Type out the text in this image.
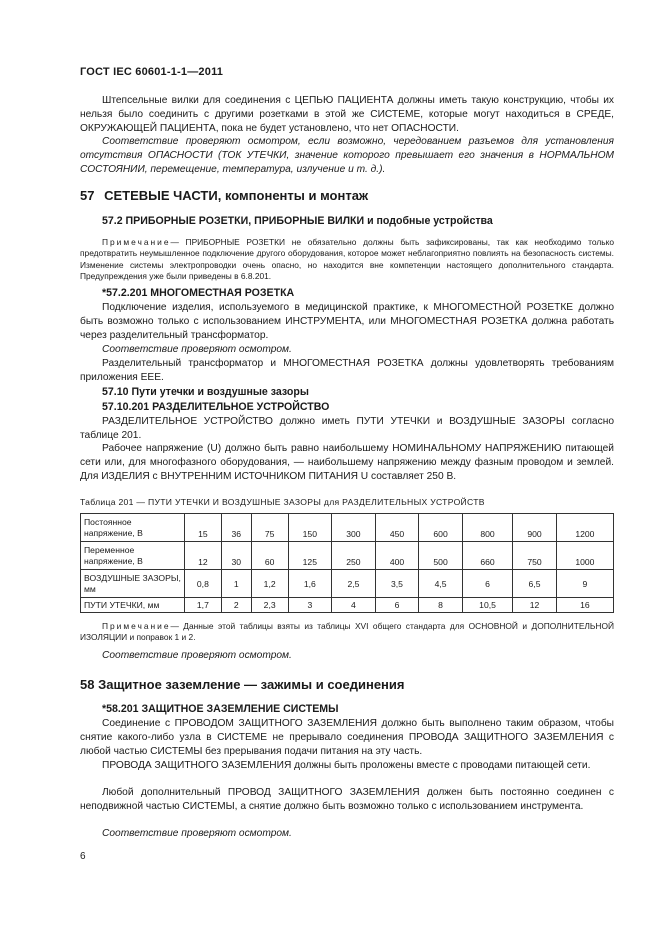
ГОСТ IEC 60601-1-1—2011

Штепсельные вилки для соединения с ЦЕПЬЮ ПАЦИЕНТА должны иметь такую конструкцию, чтобы их нельзя было соединить с другими розетками в этой же СИСТЕМЕ, которые могут находиться в СРЕДЕ, ОКРУЖАЮЩЕЙ ПАЦИЕНТА, пока не будет установлено, что нет ОПАСНОСТИ.

Соответствие проверяют осмотром, если возможно, чередованием разъемов для установления отсутствия ОПАСНОСТИ (ТОК УТЕЧКИ, значение которого превышает его значения в НОРМАЛЬНОМ СОСТОЯНИИ, перемещение, температура, излучение и т. д.).

57 СЕТЕВЫЕ ЧАСТИ, компоненты и монтаж
57.2 ПРИБОРНЫЕ РОЗЕТКИ, ПРИБОРНЫЕ ВИЛКИ и подобные устройства

Примечание— ПРИБОРНЫЕ РОЗЕТКИ не обязательно должны быть зафиксированы, так как необходимо только предотвратить неумышленное подключение другого оборудования, которое может неблагоприятно повлиять на безопасность системы. Изменение системы электропроводки очень опасно, но находится вне компетенции настоящего дополнительного стандарта. Предупреждения уже были приведены в 6.8.201.

*57.2.201 МНОГОМЕСТНАЯ РОЗЕТКА

Подключение изделия, используемого в медицинской практике, к МНОГОМЕСТНОЙ РОЗЕТКЕ должно быть возможно только с использованием ИНСТРУМЕНТА, или МНОГОМЕСТНАЯ РОЗЕТКА должна работать через разделительный трансформатор.

Соответствие проверяют осмотром.

Разделительный трансформатор и МНОГОМЕСТНАЯ РОЗЕТКА должны удовлетворять требованиям приложения ЕЕЕ.

57.10 Пути утечки и воздушные зазоры
57.10.201 РАЗДЕЛИТЕЛЬНОЕ УСТРОЙСТВО

РАЗДЕЛИТЕЛЬНОЕ УСТРОЙСТВО должно иметь ПУТИ УТЕЧКИ и ВОЗДУШНЫЕ ЗАЗОРЫ согласно таблице 201.

Рабочее напряжение (U) должно быть равно наибольшему НОМИНАЛЬНОМУ НАПРЯЖЕНИЮ питающей сети или, для многофазного оборудования, — наибольшему напряжению между фазным проводом и землей. Для ИЗДЕЛИЯ с ВНУТРЕННИМ ИСТОЧНИКОМ ПИТАНИЯ U составляет 250 В.

Таблица 201 — ПУТИ УТЕЧКИ И ВОЗДУШНЫЕ ЗАЗОРЫ для РАЗДЕЛИТЕЛЬНЫХ УСТРОЙСТВ
Постоянное напряжение, В	15	36	75	150	300	450	600	800	900	1200
Переменное напряжение, В	12	30	60	125	250	400	500	660	750	1000
ВОЗДУШНЫЕ ЗАЗОРЫ, мм	0,8	1	1,2	1,6	2,5	3,5	4,5	6	6,5	9
ПУТИ УТЕЧКИ, мм	1,7	2	2,3	3	4	6	8	10,5	12	16

Примечание— Данные этой таблицы взяты из таблицы XVI общего стандарта для ОСНОВНОЙ и ДОПОЛНИТЕЛЬНОЙ ИЗОЛЯЦИИ и поправок 1 и 2.

Соответствие проверяют осмотром.

58 Защитное заземление — зажимы и соединения
*58.201 ЗАЩИТНОЕ ЗАЗЕМЛЕНИЕ СИСТЕМЫ

Соединение с ПРОВОДОМ ЗАЩИТНОГО ЗАЗЕМЛЕНИЯ должно быть выполнено таким образом, чтобы снятие какого-либо узла в СИСТЕМЕ не прерывало соединения ПРОВОДА ЗАЩИТНОГО ЗАЗЕМЛЕНИЯ с любой частью СИСТЕМЫ без прерывания подачи питания на эту часть.

ПРОВОДА ЗАЩИТНОГО ЗАЗЕМЛЕНИЯ должны быть проложены вместе с проводами питающей сети.

Любой дополнительный ПРОВОД ЗАЩИТНОГО ЗАЗЕМЛЕНИЯ должен быть постоянно соединен с неподвижной частью СИСТЕМЫ, а снятие должно быть возможно только с использованием инструмента.

Соответствие проверяют осмотром.

6
